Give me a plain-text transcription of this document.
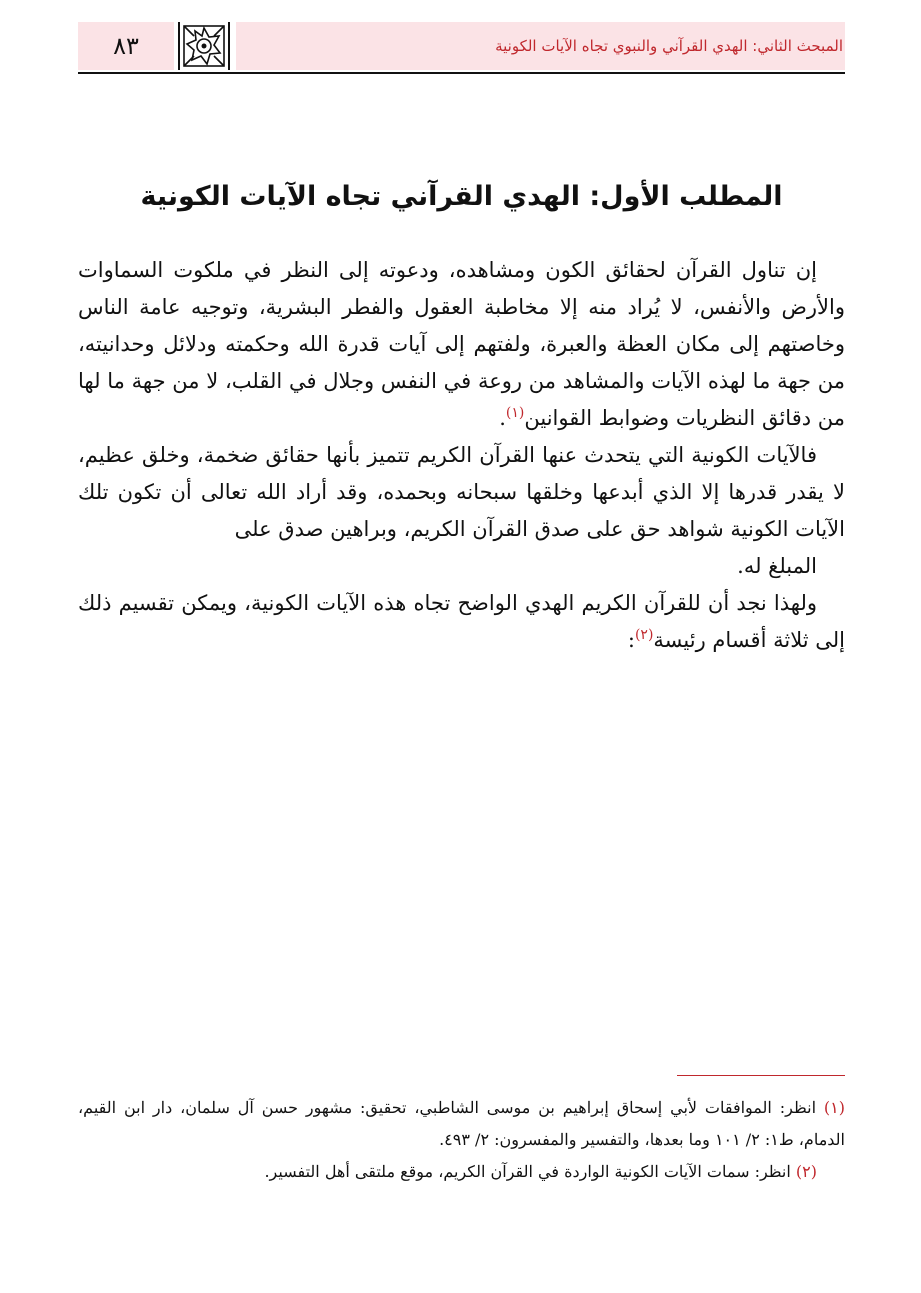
٨٣	المبحث الثاني: الهدي القرآني والنبوي تجاه الآيات الكونية
المطلب الأول: الهدي القرآني تجاه الآيات الكونية

إن تناول القرآن لحقائق الكون ومشاهده، ودعوته إلى النظر في ملكوت السماوات والأرض والأنفس، لا يُراد منه إلا مخاطبة العقول والفطر البشرية، وتوجيه عامة الناس وخاصتهم إلى مكان العظة والعبرة، ولفتهم إلى آيات قدرة الله وحكمته ودلائل وحدانيته، من جهة ما لهذه الآيات والمشاهد من روعة في النفس وجلال في القلب، لا من جهة ما لها من دقائق النظريات وضوابط القوانين$^{(١)}$.

فالآيات الكونية التي يتحدث عنها القرآن الكريم تتميز بأنها حقائق ضخمة، وخلق عظيم، لا يقدر قدرها إلا الذي أبدعها وخلقها سبحانه وبحمده، وقد أراد الله تعالى أن تكون تلك الآيات الكونية شواهد حق على صدق القرآن الكريم، وبراهين صدق على

المبلغ له.

ولهذا نجد أن للقرآن الكريم الهدي الواضح تجاه هذه الآيات الكونية، ويمكن تقسيم ذلك إلى ثلاثة أقسام رئيسة$^{(٢)}$:

(١) انظر: الموافقات لأبي إسحاق إبراهيم بن موسى الشاطبي، تحقيق: مشهور حسن آل سلمان، دار ابن القيم، الدمام، ط١: ٢/ ١٠١ وما بعدها، والتفسير والمفسرون: ٢/ ٤٩٣.

(٢) انظر: سمات الآيات الكونية الواردة في القرآن الكريم، موقع ملتقى أهل التفسير.
